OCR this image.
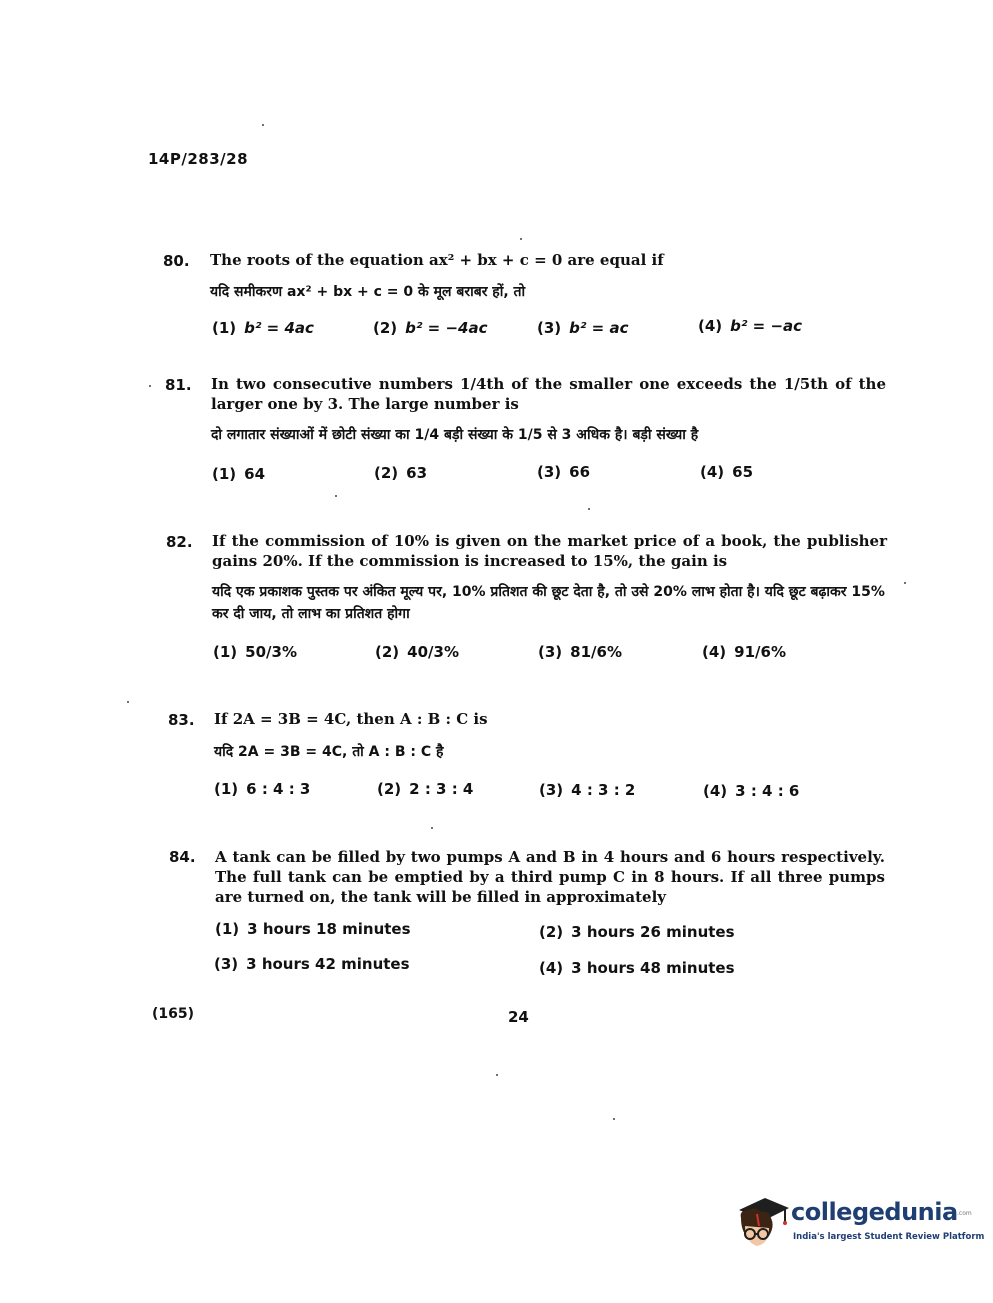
14P/283/28
80. The roots of the equation ax² + bx + c = 0 are equal if
यदि समीकरण ax² + bx + c = 0 के मूल बराबर हों, तो
(1) b² = 4ac	(2) b² = −4ac	(3) b² = ac	(4) b² = −ac
81. In two consecutive numbers 1/4th of the smaller one exceeds the 1/5th of the larger one by 3. The large number is
दो लगातार संख्याओं में छोटी संख्या का 1/4 बड़ी संख्या के 1/5 से 3 अधिक है। बड़ी संख्या है
(1) 64	(2) 63	(3) 66	(4) 65
82. If the commission of 10% is given on the market price of a book, the publisher gains 20%. If the commission is increased to 15%, the gain is
यदि एक प्रकाशक पुस्तक पर अंकित मूल्य पर, 10% प्रतिशत की छूट देता है, तो उसे 20% लाभ होता है। यदि छूट बढ़ाकर 15% कर दी जाय, तो लाभ का प्रतिशत होगा
(1) 50/3%	(2) 40/3%	(3) 81/6%	(4) 91/6%
83. If 2A = 3B = 4C, then A : B : C is
यदि 2A = 3B = 4C, तो A : B : C है
(1) 6 : 4 : 3	(2) 2 : 3 : 4	(3) 4 : 3 : 2	(4) 3 : 4 : 6
84. A tank can be filled by two pumps A and B in 4 hours and 6 hours respectively. The full tank can be emptied by a third pump C in 8 hours. If all three pumps are turned on, the tank will be filled in approximately
(1) 3 hours 18 minutes	(2) 3 hours 26 minutes
(3) 3 hours 42 minutes	(4) 3 hours 48 minutes
(165)	24
collegedunia .com
India's largest Student Review Platform
